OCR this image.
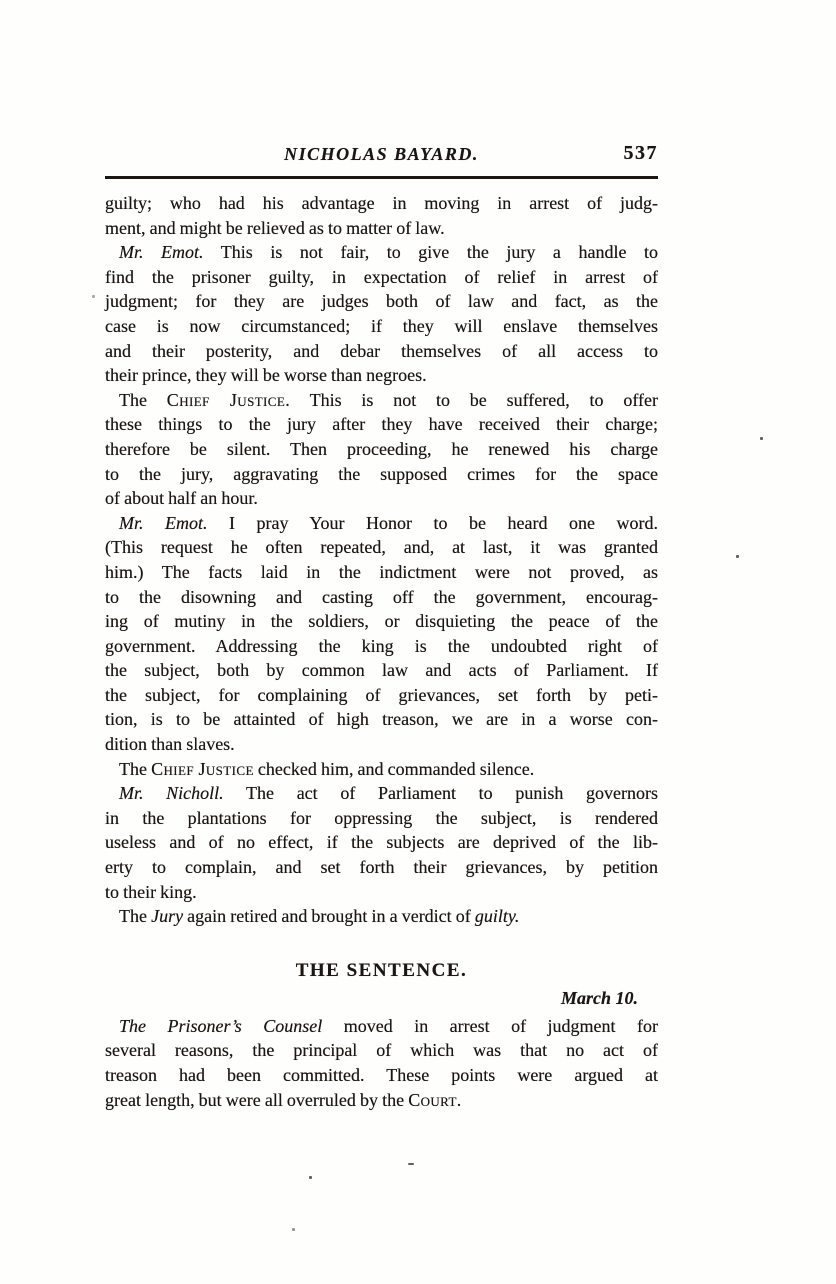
NICHOLAS BAYARD.	537
guilty; who had his advantage in moving in arrest of judg-
ment, and might be relieved as to matter of law.
Mr. Emot. This is not fair, to give the jury a handle to
find the prisoner guilty, in expectation of relief in arrest of
judgment; for they are judges both of law and fact, as the
case is now circumstanced; if they will enslave themselves
and their posterity, and debar themselves of all access to
their prince, they will be worse than negroes.
The Chief Justice. This is not to be suffered, to offer
these things to the jury after they have received their charge;
therefore be silent. Then proceeding, he renewed his charge
to the jury, aggravating the supposed crimes for the space
of about half an hour.
Mr. Emot. I pray Your Honor to be heard one word.
(This request he often repeated, and, at last, it was granted
him.) The facts laid in the indictment were not proved, as
to the disowning and casting off the government, encourag-
ing of mutiny in the soldiers, or disquieting the peace of the
government. Addressing the king is the undoubted right of
the subject, both by common law and acts of Parliament. If
the subject, for complaining of grievances, set forth by peti-
tion, is to be attainted of high treason, we are in a worse con-
dition than slaves.
The Chief Justice checked him, and commanded silence.
Mr. Nicholl. The act of Parliament to punish governors
in the plantations for oppressing the subject, is rendered
useless and of no effect, if the subjects are deprived of the lib-
erty to complain, and set forth their grievances, by petition
to their king.
The Jury again retired and brought in a verdict of guilty.
THE SENTENCE.
March 10.
The Prisoner’s Counsel moved in arrest of judgment for
several reasons, the principal of which was that no act of
treason had been committed. These points were argued at
great length, but were all overruled by the Court.
